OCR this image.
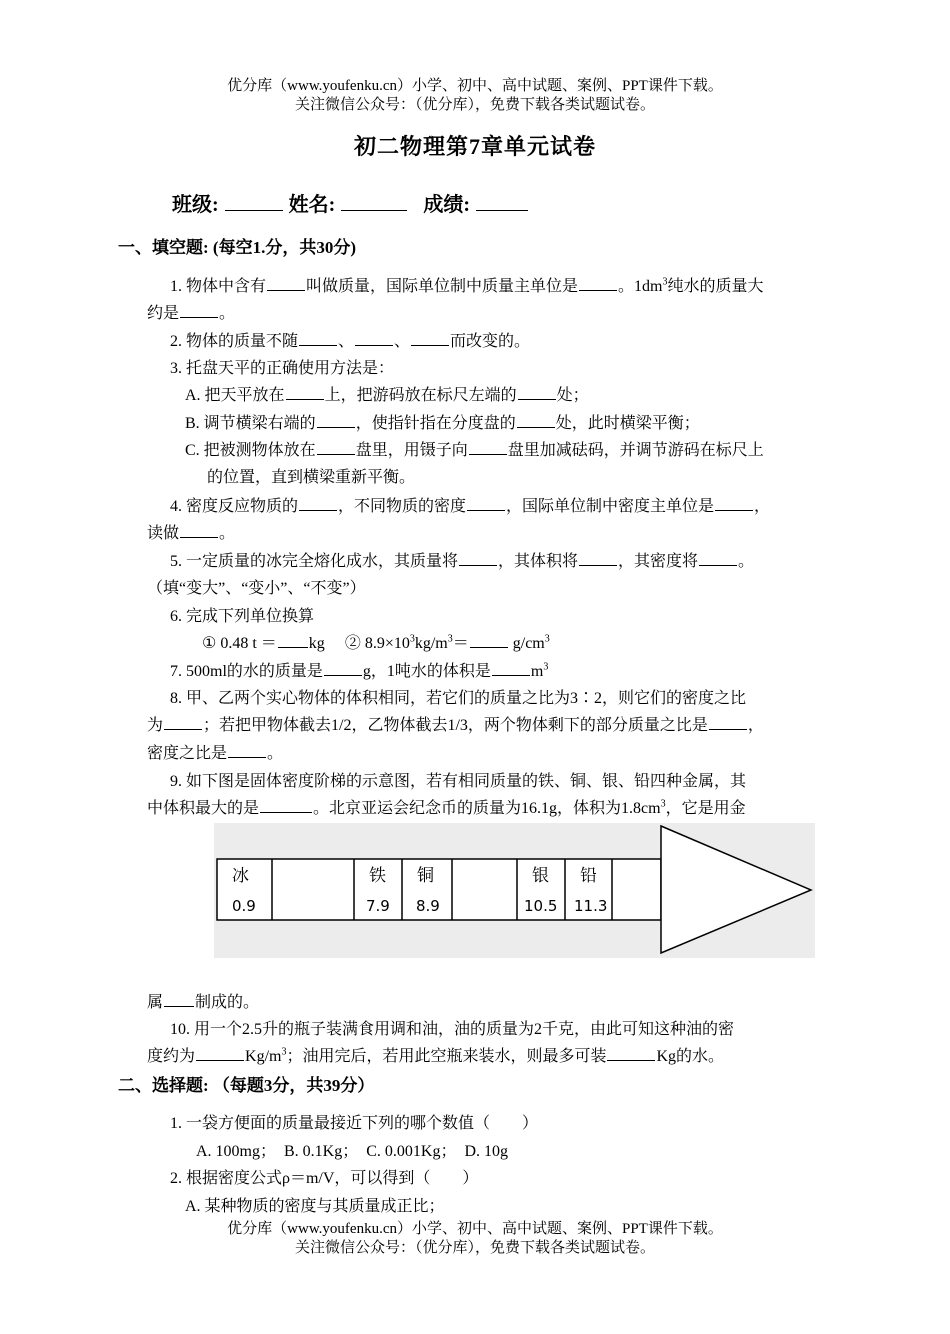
优分库（www.youfenku.cn）小学、初中、高中试题、案例、PPT课件下载。
关注微信公众号：（优分库），免费下载各类试题试卷。
初二物理第7章单元试卷
班级:	姓名:	成绩:
一、填空题: (每空1.分，共30分)
1. 物体中含有	叫做质量，国际单位制中质量主单位是	。$1dm^3$纯水的质量大
约是	。
2. 物体的质量不随	、	、	而改变的。
3. 托盘天平的正确使用方法是：
A. 把天平放在	上，把游码放在标尺左端的	处；
B. 调节横梁右端的	，使指针指在分度盘的	处，此时横梁平衡；
C. 把被测物体放在	盘里，用镊子向	盘里加减砝码，并调节游码在标尺上
的位置，直到横梁重新平衡。
4. 密度反应物质的	，不同物质的密度	，国际单位制中密度主单位是	，
读做	。
5. 一定质量的冰完全熔化成水，其质量将	，其体积将	，其密度将	。
（填“变大”、“变小”、“不变”）
6. 完成下列单位换算
① 0.48 t ＝ kg　 ② $8.9\times 10^3kg/m^3=$	$g/cm^3$
7. 500ml的水的质量是	g，1吨水的体积是	$m^3$
8. 甲、乙两个实心物体的体积相同，若它们的质量之比为3∶2，则它们的密度之比
为	；若把甲物体截去1/2，乙物体截去1/3，两个物体剩下的部分质量之比是	，
密度之比是	。
9. 如下图是固体密度阶梯的示意图，若有相同质量的铁、铜、银、铅四种金属，其
中体积最大的是	。北京亚运会纪念币的质量为16.1g，体积为$1.8cm^3$，它是用金
冰
0.9
铁
7.9
铜
8.9
银
10.5
铅
11.3
属 制成的。
10. 用一个2.5升的瓶子装满食用调和油，油的质量为2千克，由此可知这种油的密
度约为	$Kg/m^3$；油用完后，若用此空瓶来装水，则最多可装	Kg的水。
二、选择题: （每题3分，共39分）
1. 一袋方便面的质量最接近下列的哪个数值（　　）
A. 100mg；　B. 0.1Kg；　C. 0.001Kg；　D. 10g
2. 根据密度公式ρ＝m/V，可以得到（　　）
A. 某种物质的密度与其质量成正比；
优分库（www.youfenku.cn）小学、初中、高中试题、案例、PPT课件下载。
关注微信公众号：（优分库），免费下载各类试题试卷。
